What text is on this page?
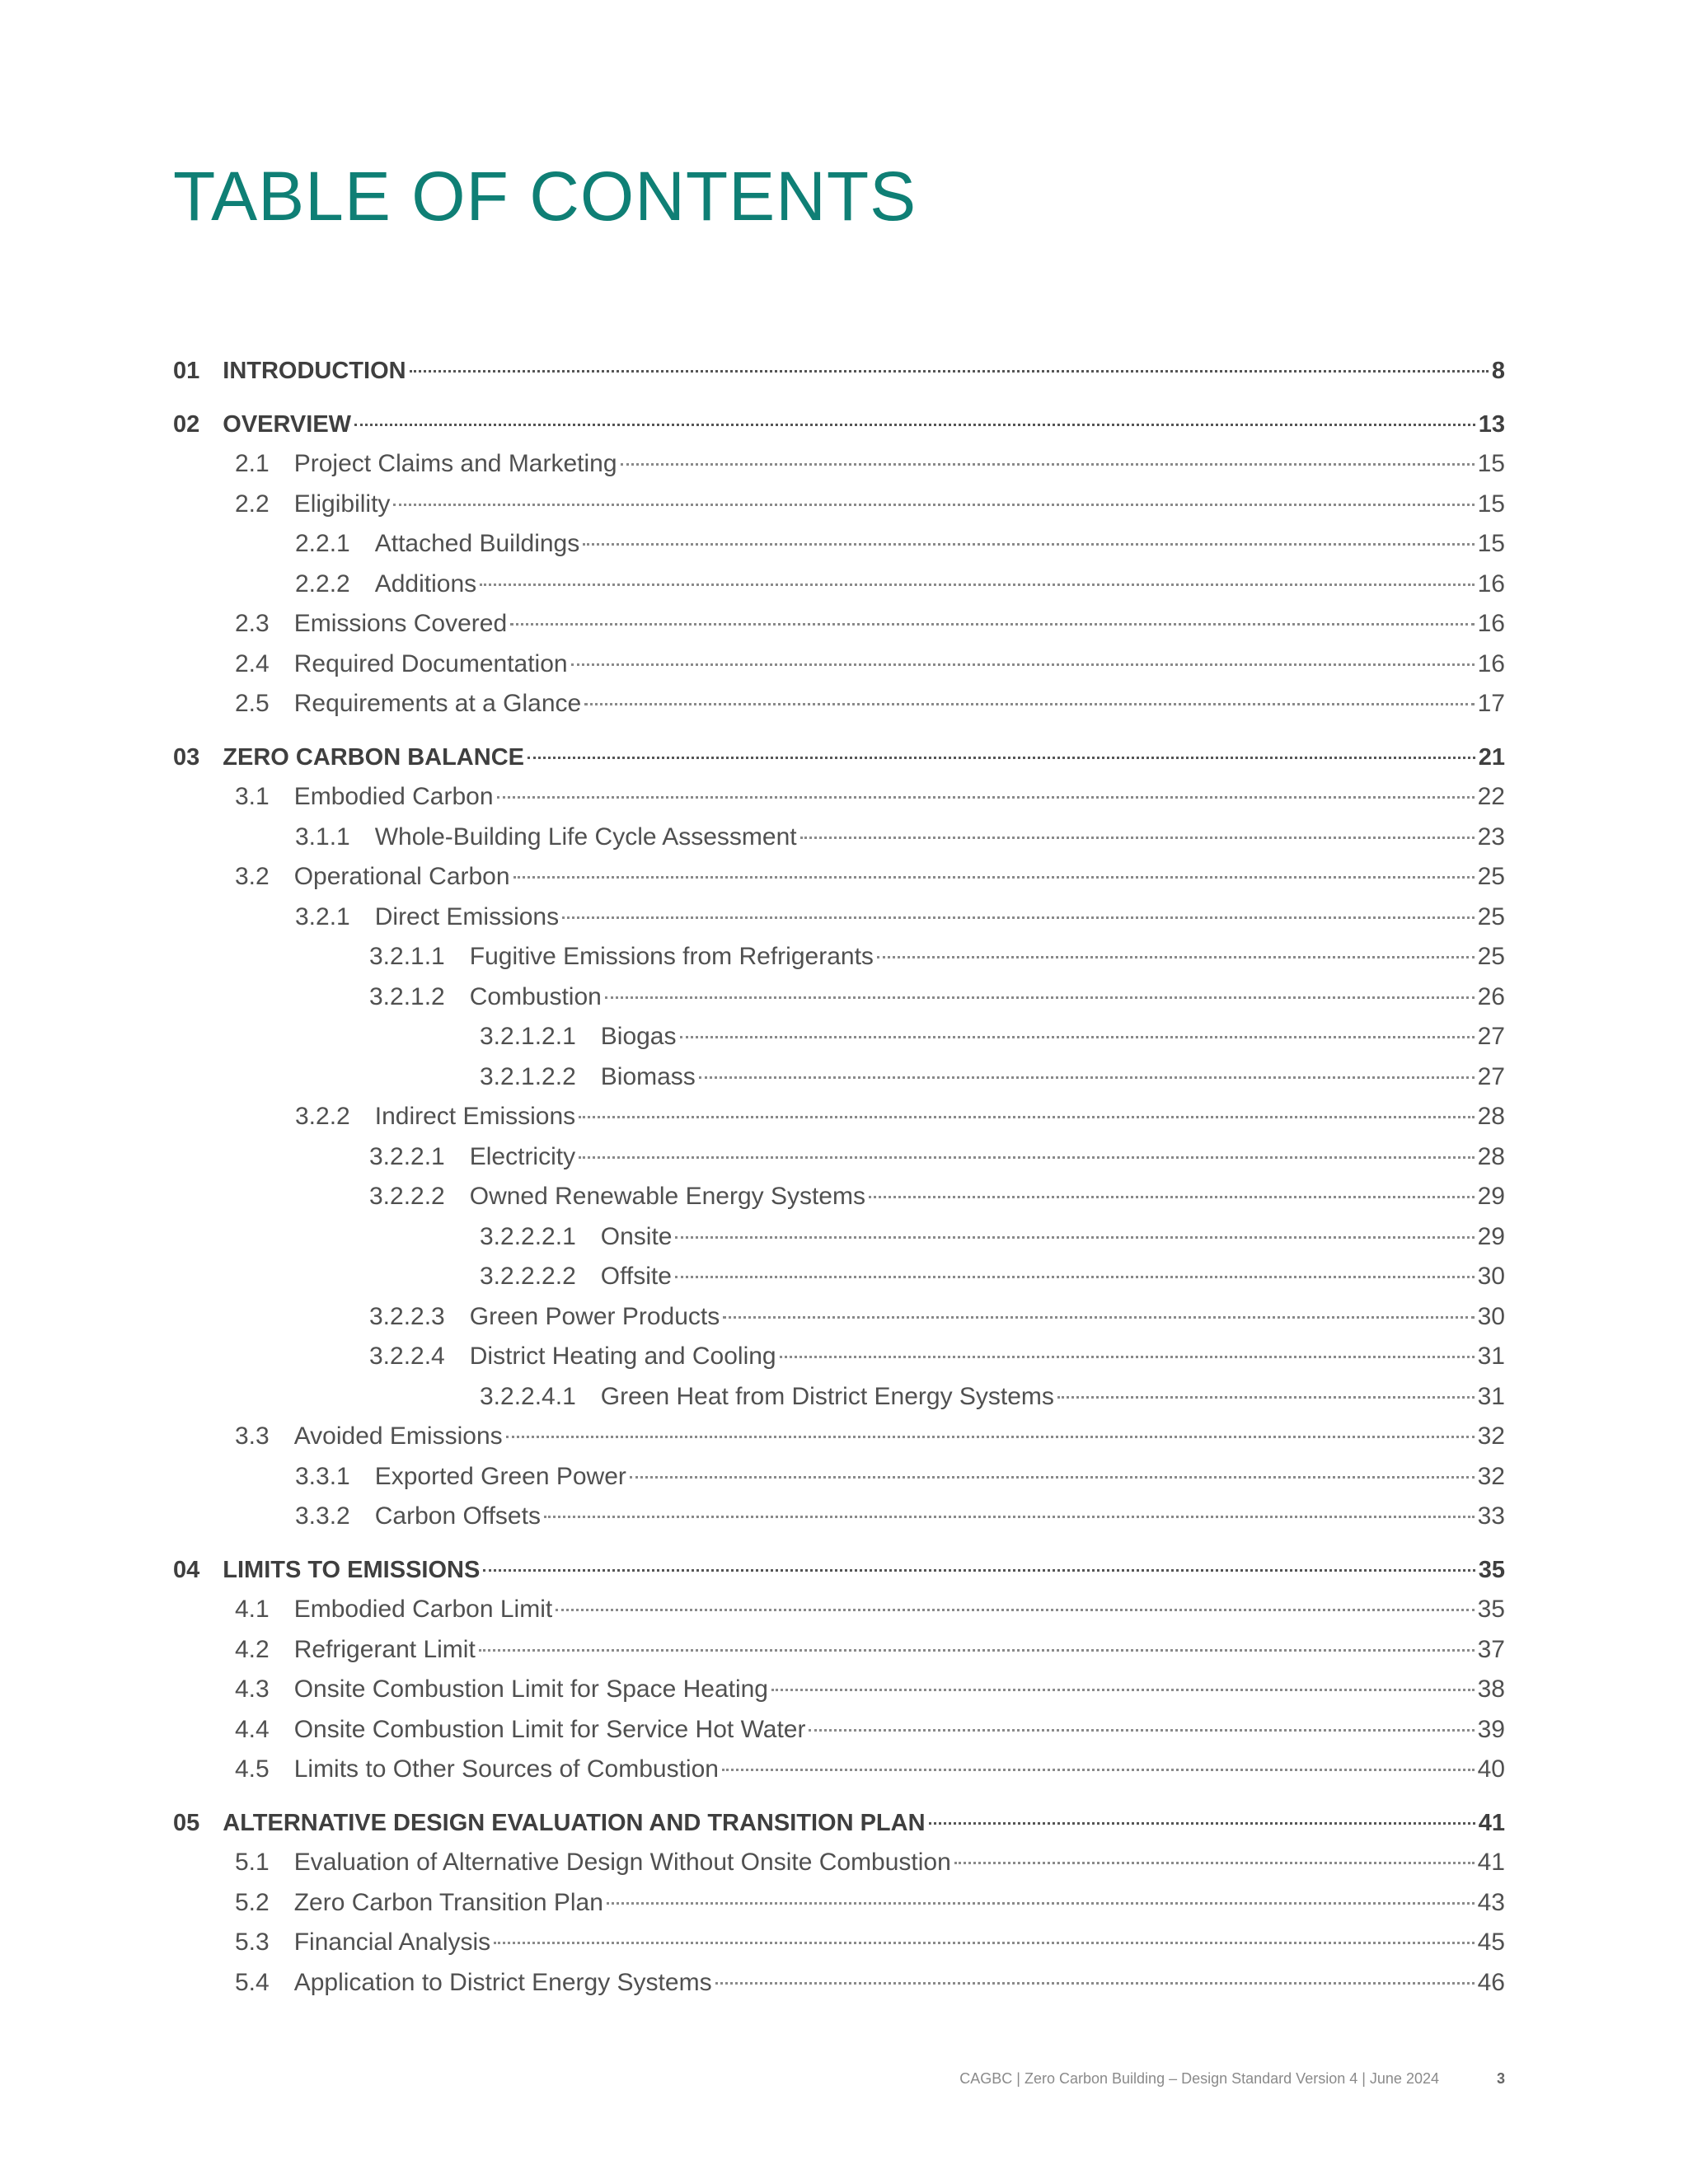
TABLE OF CONTENTS
01 INTRODUCTION	8
02 OVERVIEW	13
2.1 Project Claims and Marketing	15
2.2 Eligibility	15
2.2.1 Attached Buildings	15
2.2.2 Additions	16
2.3 Emissions Covered	16
2.4 Required Documentation	16
2.5 Requirements at a Glance	17
03 ZERO CARBON BALANCE	21
3.1 Embodied Carbon	22
3.1.1 Whole-Building Life Cycle Assessment	23
3.2 Operational Carbon	25
3.2.1 Direct Emissions	25
3.2.1.1 Fugitive Emissions from Refrigerants	25
3.2.1.2 Combustion	26
3.2.1.2.1 Biogas	27
3.2.1.2.2 Biomass	27
3.2.2 Indirect Emissions	28
3.2.2.1 Electricity	28
3.2.2.2 Owned Renewable Energy Systems	29
3.2.2.2.1 Onsite	29
3.2.2.2.2 Offsite	30
3.2.2.3 Green Power Products	30
3.2.2.4 District Heating and Cooling	31
3.2.2.4.1 Green Heat from District Energy Systems	31
3.3 Avoided Emissions	32
3.3.1 Exported Green Power	32
3.3.2 Carbon Offsets	33
04 LIMITS TO EMISSIONS	35
4.1 Embodied Carbon Limit	35
4.2 Refrigerant Limit	37
4.3 Onsite Combustion Limit for Space Heating	38
4.4 Onsite Combustion Limit for Service Hot Water	39
4.5 Limits to Other Sources of Combustion	40
05 ALTERNATIVE DESIGN EVALUATION AND TRANSITION PLAN	41
5.1 Evaluation of Alternative Design Without Onsite Combustion	41
5.2 Zero Carbon Transition Plan	43
5.3 Financial Analysis	45
5.4 Application to District Energy Systems	46
CAGBC | Zero Carbon Building – Design Standard Version 4 | June 2024	3
